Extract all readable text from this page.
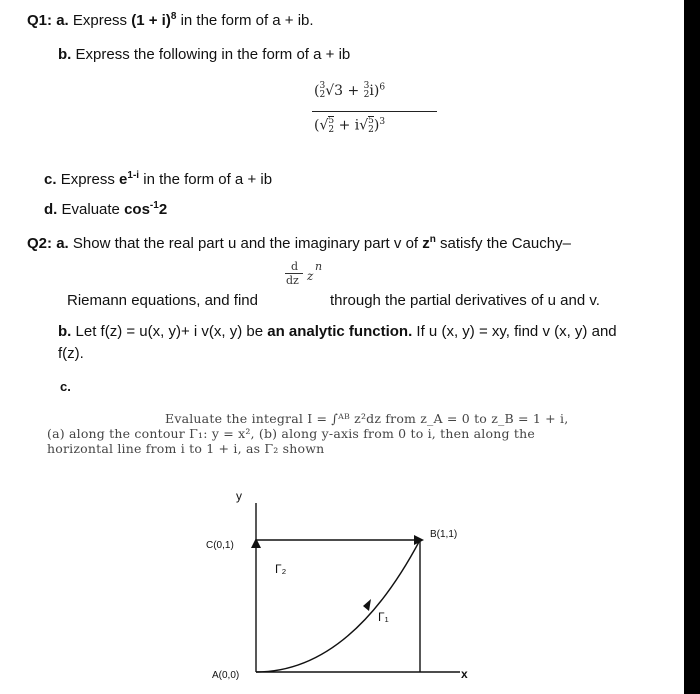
Q1: a. Express $(1 + i)^8$ in the form of a + ib.
b. Express the following in the form of a + ib
(3
2√3 + 3
2i)$^6$
(√5
2 + i√5
2)$^3$
c. Express $e^{1-i}$ in the form of a + ib
d. Evaluate $\cos^{-1}2$
Q2: a. Show that the real part u and the imaginary part v of $z^n$ satisfy the Cauchy–
d
dz z
n
Riemann equations, and find	through the partial derivatives of u and v.
b. Let f(z) = u(x, y)+ i v(x, y) be an analytic function. If u (x, y) = xy, find v (x, y) and
f(z).
c.
Evaluate the integral I = ∫ᴬᴮ z²dz from z_A = 0 to z_B = 1 + i,
(a) along the contour Γ₁: y = x², (b) along y-axis from 0 to i, then along the
horizontal line from i to 1 + i, as Γ₂ shown
y
x
A(0,0)
C(0,1)
B(1,1)
Γ₂
Γ₁
